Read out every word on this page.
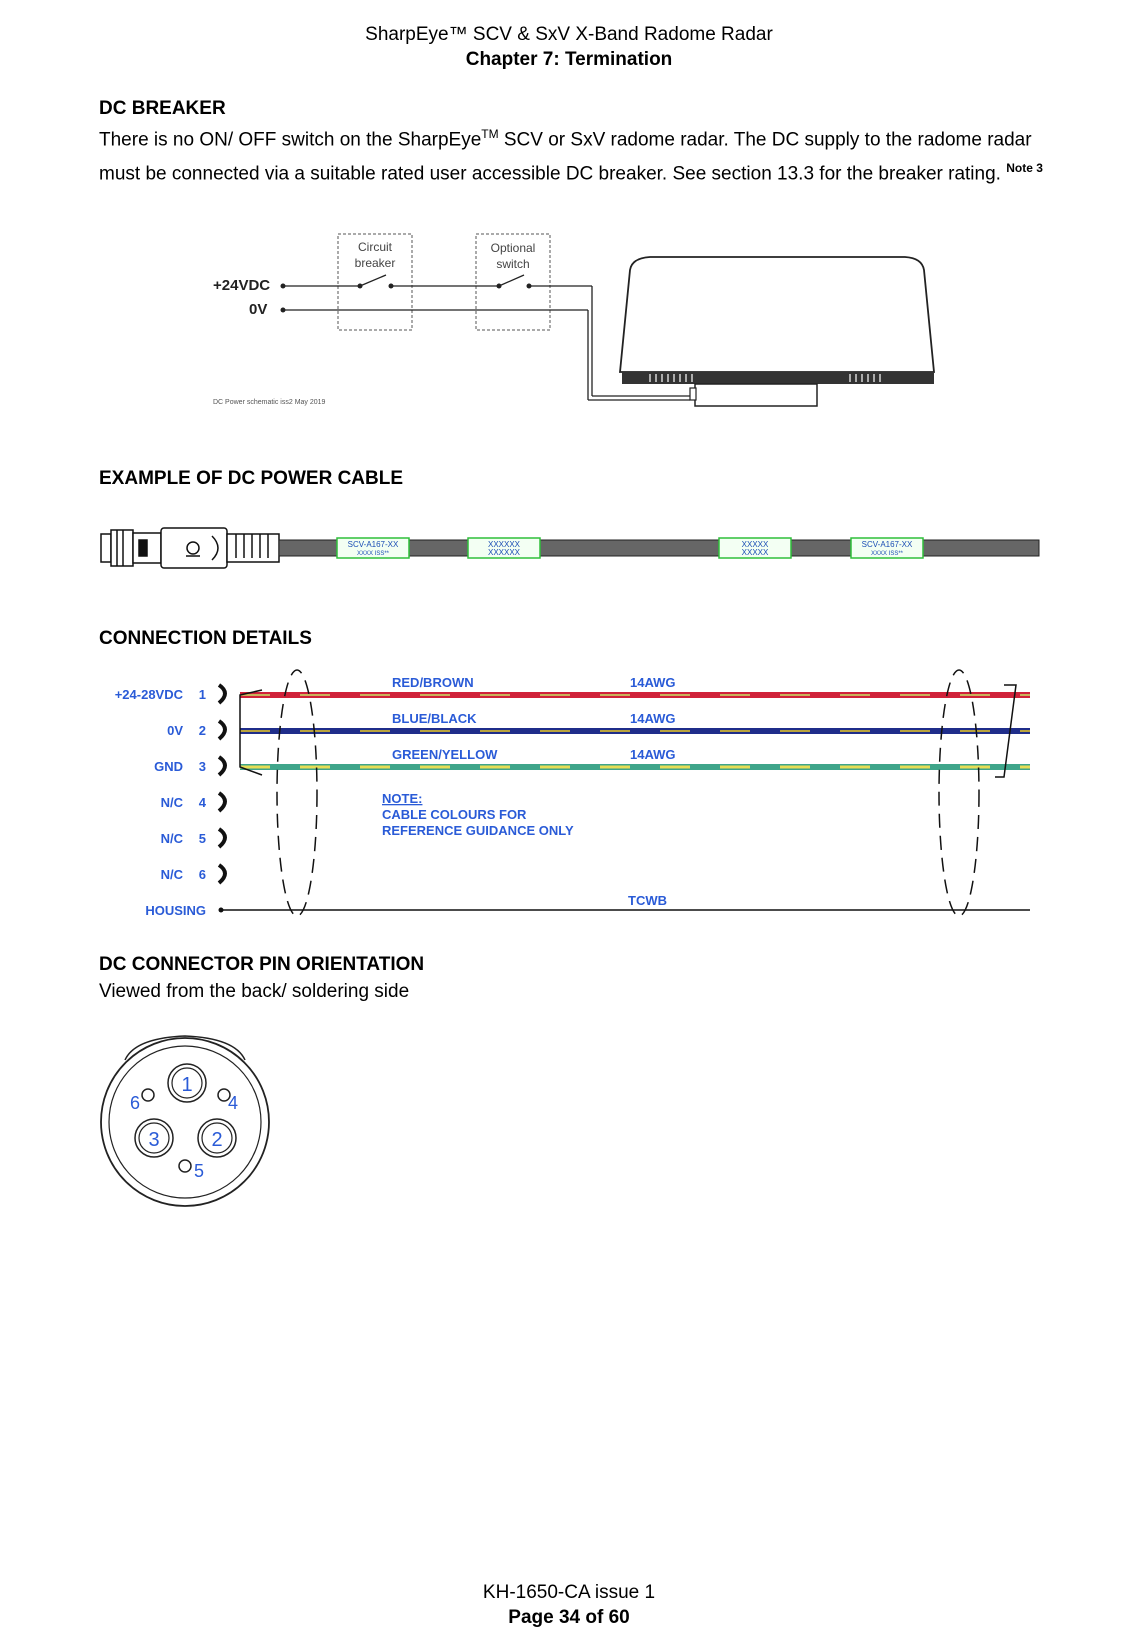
SharpEye™ SCV & SxV X-Band Radome Radar
Chapter 7: Termination
DC BREAKER

There is no ON/ OFF switch on the SharpEye™ SCV or SxV radome radar. The DC supply to the radome radar must be connected via a suitable rated user accessible DC breaker. See section 13.3 for the breaker rating. $^{Note 3}$

Circuit
breaker
Optional
switch
+24VDC
0V
DC Power schematic iss2 May 2019
EXAMPLE OF DC POWER CABLE
SCV-A167-XX
XXXX ISS**
XXXXXX
XXXXXX
XXXXX
XXXXX
SCV-A167-XX
XXXX ISS**
CONNECTION DETAILS
+24-28VDC 1
0V 2
GND 3
N/C 4
N/C 5
N/C 6
HOUSING
RED/BROWN	14AWG
BLUE/BLACK	14AWG
GREEN/YELLOW	14AWG
NOTE:
CABLE COLOURS FOR
REFERENCE GUIDANCE ONLY
TCWB
DC CONNECTOR PIN ORIENTATION

Viewed from the back/ soldering side

1
2
3
4
5
6
KH-1650-CA issue 1
Page 34 of 60
